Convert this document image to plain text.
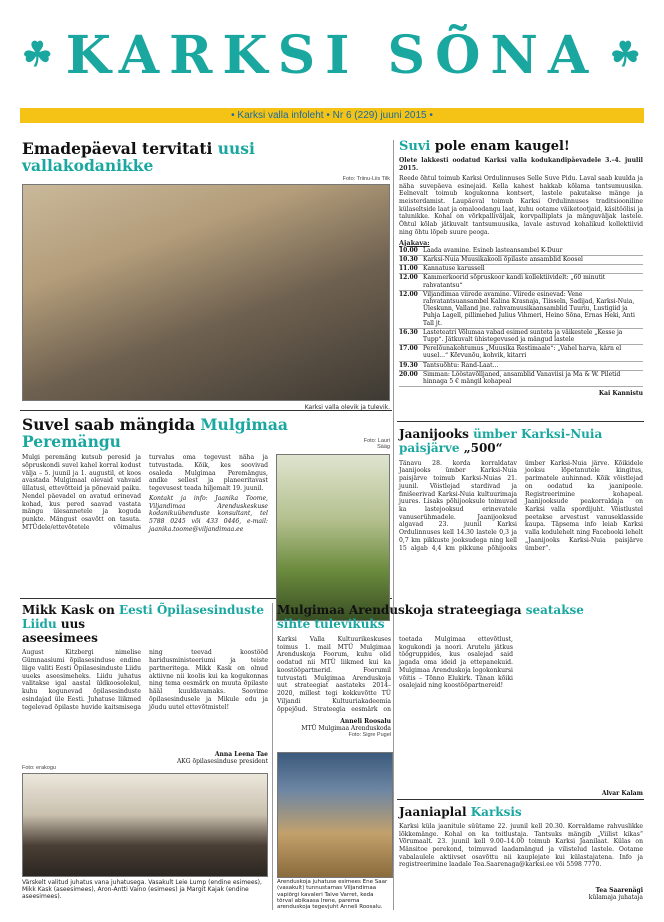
☘	☘
KARKSI SÕNA
• Karksi valla infoleht • Nr 6 (229) juuni 2015 •
Emadepäeval tervitati uusi vallakodanikke
Foto: Triinu-Liis Tilk
Karksi valla olevik ja tulevik.
Suvi pole enam kaugel!

Olete lakkesti oodatud Karksi valla kodukandipäevadele 3.–4. juulil 2015.

Reede õhtul toimub Karksi Ordulinnuses Selle Suve Pidu. Laval saab kuulda ja näha suvepäeva esinejaid. Kella kahest hakkab kõlama tantsumuusika. Eelnevalt toimub kogukonna kontsert, lastele pakutakse mänge ja meisterdamist. Laupäeval toimub Karksi Ordulinnuses traditsiooniline külaseltside laat ja omaloodangu laat, kuhu ootame väiketootjaid, käsitöölisi ja talunikke. Kohal on võrkpalliväljak, korvpalliplats ja mänguväljak lastele. Õhtul kõlab jätkuvalt tantsumuusika, lavale astuvad kohalikud kollektiivid ning õhtu lõpeb suure peoga.

Ajakava:
10.00	Laada avamine. Esineb lasteansambel K-Duur
10.30	Karksi-Nuia Muusikakooli õpilaste ansamblid Koosel
11.00	Kannatuse karussell
12.00	Kammerkoorid sõpruskoor kandi kollektiividelt: „60 minutit rahvatantsu“
12.00	Viljandimaa viirede avamine. Viirede esinevad: Vene rahvatantsuansambel Kalina Krasnaja, Tiisseln, Sadijad, Karksi-Nuia, Üleskunn, Valland jne. rahvamuusikaansamblid Tuuriu, Lustigiid ja Puhja Lagell, pillimehed Julius Vihmeri, Heino Sõna, Ernas Heki, Anti Tall jt.
16.30	Lasteteatri Võlumaa vabad esimed sunteta ja väikestele „Kesse ja Tupp“. Jätkuvalt ühistegevused ja mängud lastele
17.00	Perelõunakohtumus „Muusika Restimaale“: „Vahel harva, kärn el uusel...“ Kõrvunõu, kohvik, kitarri
19.30	Tantsuõhtu: Rand-Laat...
20.00	Simman: Lööstavõlljaned, ansamblid Vanaviisi ja Ma & W. Piletid hinnaga 5 € mängil kohapeal
Kai Kannistu
Suvel saab mängida Mulgimaa Peremängu	Foto: Lauri Sääg

Mulgi peremäng kutsub peresid ja sõpruskondi suvel kahel korral kodust välja – 5. juunil ja 1. augustil, et koos avastada Mulgimaal olevaid vahvaid üllatusi, ettevõtteid ja põnevaid paiku. Nendel päevadel on avatud erinevad kohad, kus pered saavad vastata mängu ülesannetele ja koguda punkte. Mängust osavõtt on tasuta. MTÜdele/ettevõtetele võimalus turvalus oma tegevust näha ja tutvustada. Kõik, kes soovivad osaleda Mulgimaa Peremängus, andke sellest ja planeeritavast tegevusest teada hiljemalt 19. juunil.

Kontakt ja info: Jaanika Toome, Viljandimaa Arenduskeskuse kodanikuühenduste konsultant, tel 5788 0245 või 433 0446, e-mail: jaanika.toome@viljandimaa.ee

Jaanijooks ümber Karksi-Nuia paisjärve „500“

Tänavu 28. korda korraldatav Jaanijooks ümber Karksi-Nuia paisjärve toimub Karksi-Nuias 21. juunil. Võistlejad stardivad ja finišeerivad Karksi-Nuia kultuurimaja juures. Lisaks põhijooksule toimuvad ka lastejooksud erinevatele vanuserühmadele. Jaanijooksud algavad 23. juunil Karksi Ordulinnuses kell 14.30 lastele 0,3 ja 0,7 km pikkuste jooksudega ning kell 15 algab 4,4 km pikkune põhijooks ümber Karksi-Nuia järve. Kõikidele jooksu lõpetanutele kingitus, parimatele auhinnad. Kõik võistlejad on oodatud ka jaanipeole. Registreerimine kohapeal. Jaanijooksude peakorraldaja on Karksi valla spordijuht. Võistlustel peetakse arvestust vanuseklasside kaupa. Täpsema info leiab Karksi valla kodulehelt ning Facebooki lehelt „Jaanijooks Karksi-Nuia paisjärve ümber“.

Alvar Kalam
Mikk Kask on Eesti Õpilasesinduste Liidu uus
aseesimees

August Kitzbergi nimelise Gümnaasiumi õpilasesinduse endine liige valiti Eesti Õpilasesinduste Liidu uueks aseesimeheks. Liidu juhatus valitakse igal aastal üldkoosolekul, kuhu kogunevad õpilasesinduste esindajad üle Eesti. Juhatuse liikmed tegelevad õpilaste huvide kaitsmisega ning teevad koostööd haridusministeeriumi ja teiste partneritega. Mikk Kask on olnud aktiivne nii koolis kui ka kogukonnas ning tema eesmärk on muuta õpilaste hääl kuuldavamaks. Soovime õpilasesindusele ja Mikule edu ja jõudu uutel ettevõtmistel!

Anna Leena Tae
AKG õpilasesinduse president
Foto: erakogu
Värskelt valitud juhatus vana juhatusega. Vasakult Leie Lump (endine esimees), Mikk Kask (aseesimees), Aron-Antti Vaino (esimees) ja Margit Kajak (endine aseesimees).
Mulgimaa Arenduskoja strateegiaga seatakse
sihte tulevikuks

Karksi Valla Kultuurikeskuses toimus 1. mail MTÜ Mulgimaa Arenduskoja Foorum, kuhu olid oodatud nii MTÜ liikmed kui ka koostööpartnerid. Foorumil tutvustati Mulgimaa Arenduskoja uut strateegiat aastateks 2014–2020, millest tegi kokkuvõtte TÜ Viljandi Kultuuriakadeemia õppejõud. Strateegia eesmärk on toetada Mulgimaa ettevõtlust, kogukondi ja noori. Arutelu jätkus töögruppides, kus osalejad said jagada oma ideid ja ettepanekuid. Mulgimaa Arenduskoja logokonkursi võitis – Tõnno Elukirk. Tänan kõiki osalejaid ning koostööpartnereid!

Anneli Roosalu
MTÜ Mulgimaa Arenduskoda
Foto: Sigre Pugel
Arenduskoja juhatuse esimees Ene Saar (vasakult) tunnustamas Viljandimaa vapiõrgi kavaleri Taive Varret, keda tõrval abikaasa Irene, parema arenduskoja tegevjuht Anneli Roosalu.
Jaaniaplal Karksis

Karksi küla jaanitule süütame 22. juunil kell 20.30. Korraldame rahvuslikke lõkkemänge. Kohal on ka toitlustaja. Tantsuks mängib „Viilist kikas“ Võrumaalt. 23. juunil kell 9.00–14.00 toimub Karksi Jaanilaat. Külas on Mänsitoe perekond, toimuvad laadamängud ja vilistelud lastele. Ootame vabalaulele aktiivset osavõttu nii kauplejate kui külastajatena. Info ja registreerimine laadale Tea.Saarenaga@karksi.ee või 5598 7770.

Tea Saarenägi
külamaja juhataja
